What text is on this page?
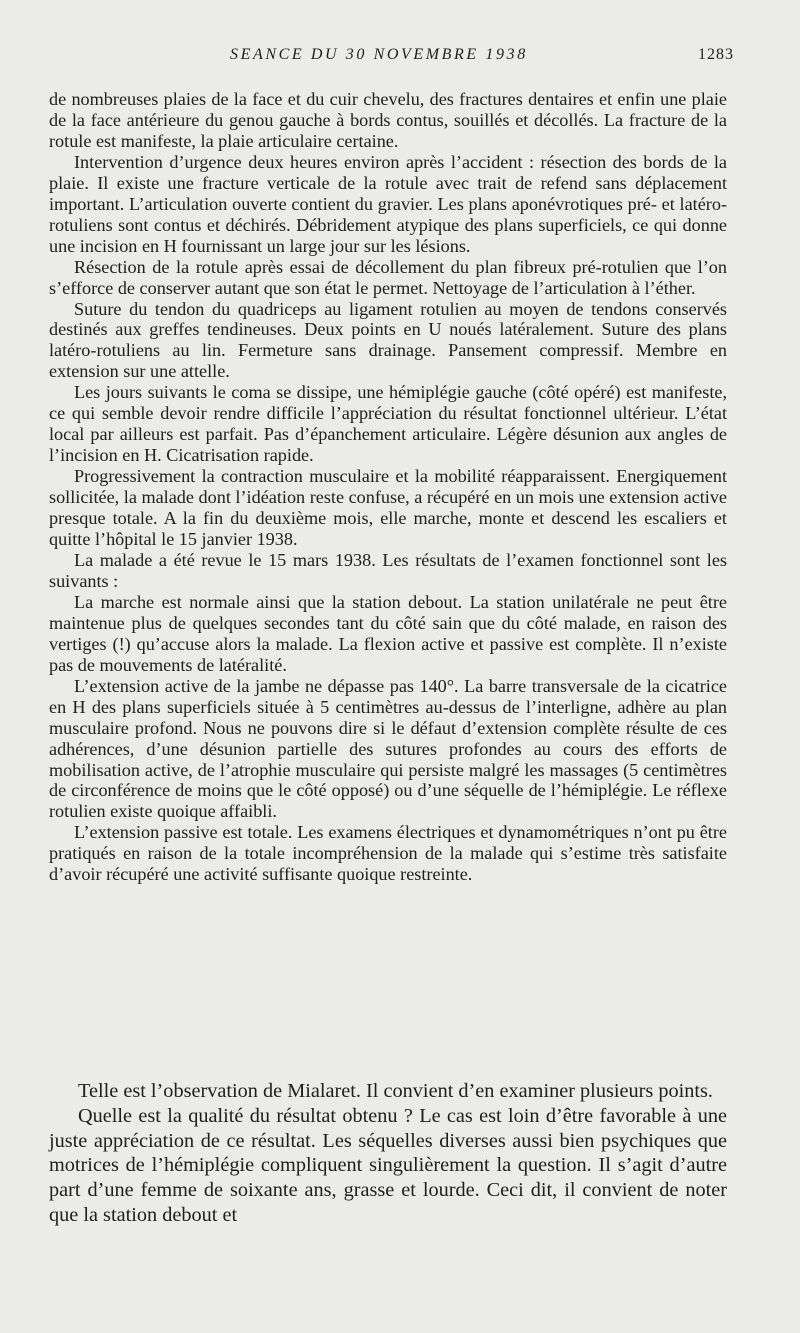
SEANCE DU 30 NOVEMBRE 1938	1283

de nombreuses plaies de la face et du cuir chevelu, des fractures dentaires et enfin une plaie de la face antérieure du genou gauche à bords contus, souillés et décollés. La fracture de la rotule est manifeste, la plaie articulaire certaine.

Intervention d’urgence deux heures environ après l’accident : résection des bords de la plaie. Il existe une fracture verticale de la rotule avec trait de refend sans déplacement important. L’articulation ouverte contient du gravier. Les plans aponévrotiques pré- et latéro-rotuliens sont contus et déchirés. Débridement atypique des plans superficiels, ce qui donne une incision en H fournissant un large jour sur les lésions.

Résection de la rotule après essai de décollement du plan fibreux pré-rotulien que l’on s’efforce de conserver autant que son état le permet. Nettoyage de l’articulation à l’éther.

Suture du tendon du quadriceps au ligament rotulien au moyen de tendons conservés destinés aux greffes tendineuses. Deux points en U noués latéralement. Suture des plans latéro-rotuliens au lin. Fermeture sans drainage. Pansement compressif. Membre en extension sur une attelle.

Les jours suivants le coma se dissipe, une hémiplégie gauche (côté opéré) est manifeste, ce qui semble devoir rendre difficile l’appréciation du résultat fonctionnel ultérieur. L’état local par ailleurs est parfait. Pas d’épanchement articulaire. Légère désunion aux angles de l’incision en H. Cicatrisation rapide.

Progressivement la contraction musculaire et la mobilité réapparaissent. Energiquement sollicitée, la malade dont l’idéation reste confuse, a récupéré en un mois une extension active presque totale. A la fin du deuxième mois, elle marche, monte et descend les escaliers et quitte l’hôpital le 15 janvier 1938.

La malade a été revue le 15 mars 1938. Les résultats de l’examen fonctionnel sont les suivants :

La marche est normale ainsi que la station debout. La station unilatérale ne peut être maintenue plus de quelques secondes tant du côté sain que du côté malade, en raison des vertiges (!) qu’accuse alors la malade. La flexion active et passive est complète. Il n’existe pas de mouvements de latéralité.

L’extension active de la jambe ne dépasse pas 140°. La barre transversale de la cicatrice en H des plans superficiels située à 5 centimètres au-dessus de l’interligne, adhère au plan musculaire profond. Nous ne pouvons dire si le défaut d’extension complète résulte de ces adhérences, d’une désunion partielle des sutures profondes au cours des efforts de mobilisation active, de l’atrophie musculaire qui persiste malgré les massages (5 centimètres de circonférence de moins que le côté opposé) ou d’une séquelle de l’hémiplégie. Le réflexe rotulien existe quoique affaibli.

L’extension passive est totale. Les examens électriques et dynamométriques n’ont pu être pratiqués en raison de la totale incompréhension de la malade qui s’estime très satisfaite d’avoir récupéré une activité suffisante quoique restreinte.

Telle est l’observation de Mialaret. Il convient d’en examiner plusieurs points.

Quelle est la qualité du résultat obtenu ? Le cas est loin d’être favorable à une juste appréciation de ce résultat. Les séquelles diverses aussi bien psychiques que motrices de l’hémiplégie compliquent singulièrement la question. Il s’agit d’autre part d’une femme de soixante ans, grasse et lourde. Ceci dit, il convient de noter que la station debout et
